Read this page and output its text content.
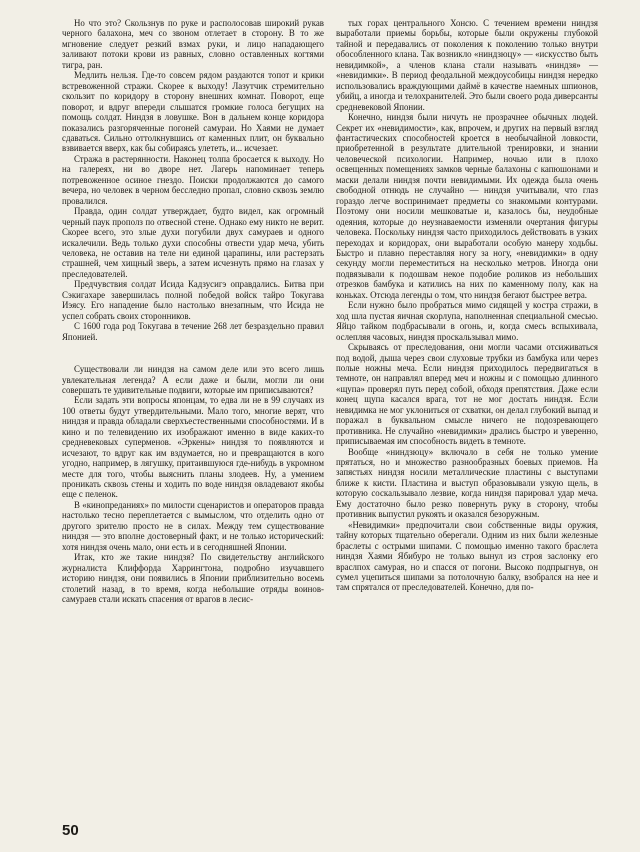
Но что это? Скользнув по руке и располосовав широкий рукав черного балахона, меч со звоном отлетает в сторону. В то же мгновение следует резкий взмах руки, и лицо нападающего заливают потоки крови из равных, словно оставленных когтями тигра, ран.

Медлить нельзя. Где-то совсем рядом раздаются топот и крики встревоженной стражи. Скорее к выходу! Лазутчик стремительно скользит по коридору в сторону внешних комнат. Поворот, еще поворот, и вдруг впереди слышатся громкие голоса бегущих на помощь солдат. Ниндзя в ловушке. Вон в дальнем конце коридора показались разгоряченные погоней самураи. Но Хаями не думает сдаваться. Сильно оттолкнувшись от каменных плит, он буквально взвивается вверх, как бы собираясь улететь, и... исчезает.

Стража в растерянности. Наконец толпа бросается к выходу. Но на галереях, ни во дворе нет. Лагерь напоминает теперь потревоженное осиное гнездо. Поиски продолжаются до самого вечера, но человек в черном бесследно пропал, словно сквозь землю провалился.

Правда, один солдат утверждает, будто видел, как огромный черный паук прополз по отвесной стене. Однако ему никто не верит. Скорее всего, это злые духи погубили двух самураев и одного искалечили. Ведь только духи способны отвести удар меча, убить человека, не оставив на теле ни единой царапины, или растерзать страшней, чем хищный зверь, а затем исчезнуть прямо на глазах у преследователей.

Предчувствия солдат Исида Кадзусигэ оправдались. Битва при Сэкигахаре завершилась полной победой войск тайро Токугава Иэясу. Его нападение было настолько внезапным, что Исида не успел собрать своих сторонников.

С 1600 года род Токугава в течение 268 лет безраздельно правил Японией.

Существовали ли ниндзя на самом деле или это всего лишь увлекательная легенда? А если даже и были, могли ли они совершать те удивительные подвиги, которые им приписываются?

Если задать эти вопросы японцам, то едва ли не в 99 случаях из 100 ответы будут утвердительными. Мало того, многие верят, что ниндзя и правда обладали сверхъестественными способностями. И в кино и по телевидению их изображают именно в виде каких-то средневековых суперменов. «Эркены» ниндзя то появляются и исчезают, то вдруг как им вздумается, но и превращаются в кого угодно, например, в лягушку, притаившуюся где-нибудь в укромном месте для того, чтобы выяснить планы злодеев. Ну, а умением проникать сквозь стены и ходить по воде ниндзя овладевают якобы еще с пеленок.

В «кинопреданиях» по милости сценаристов и операторов правда настолько тесно переплетается с вымыслом, что отделить одно от другого зрителю просто не в силах. Между тем существование ниндзя — это вполне достоверный факт, и не только исторический: хотя ниндзя очень мало, они есть и в сегодняшней Японии.

Итак, кто же такие ниндзя? По свидетельству английского журналиста Клиффорда Харрингтона, подробно изучавшего историю ниндзя, они появились в Японии приблизительно восемь столетий назад, в то время, когда небольшие отряды воинов-самураев стали искать спасения от врагов в лесис-

тых горах центрального Хонсю. С течением времени ниндзя выработали приемы борьбы, которые были окружены глубокой тайной и передавались от поколения к поколению только внутри обособленного клана. Так возникло «ниндзюцу» — «искусство быть невидимкой», а членов клана стали называть «ниндзя» — «невидимки». В период феодальной междоусобицы ниндзя нередко использовались враждующими даймё в качестве наемных шпионов, убийц, а иногда и телохранителей. Это были своего рода диверсанты средневековой Японии.

Конечно, ниндзя были ничуть не прозрачнее обычных людей. Секрет их «невидимости», как, впрочем, и других на первый взгляд фантастических способностей кроется в необычайной ловкости, приобретенной в результате длительной тренировки, и знании человеческой психологии. Например, ночью или в плохо освещенных помещениях замков черные балахоны с капюшонами и маски делали ниндзя почти невидимыми. Их одежда была очень свободной отнюдь не случайно — ниндзя учитывали, что глаз гораздо легче воспринимает предметы со знакомыми контурами. Поэтому они носили мешковатые и, казалось бы, неудобные одеяния, которые до неузнаваемости изменяли очертания фигуры человека. Поскольку ниндзя часто приходилось действовать в узких переходах и коридорах, они выработали особую манеру ходьбы. Быстро и плавно переставляя ногу за ногу, «невидимки» в одну секунду могли переместиться на несколько метров. Иногда они подвязывали к подошвам некое подобие роликов из небольших отрезков бамбука и катились на них по каменному полу, как на коньках. Отсюда легенды о том, что ниндзя бегают быстрее ветра.

Если нужно было пробраться мимо сидящей у костра стражи, в ход шла пустая яичная скорлупа, наполненная специальной смесью. Яйцо тайком подбрасывали в огонь, и, когда смесь вспыхивала, ослепляя часовых, ниндзя проскальзывал мимо.

Скрываясь от преследования, они могли часами отсиживаться под водой, дыша через свои слуховые трубки из бамбука или через полые ножны меча. Если ниндзя приходилось передвигаться в темноте, он направлял вперед меч и ножны и с помощью длинного «щупа» проверял путь перед собой, обходя препятствия. Даже если конец щупа касался врага, тот не мог достать ниндзя. Если невидимка не мог уклониться от схватки, он делал глубокий выпад и поражал в буквальном смысле ничего не подозревающего противника. Не случайно «невидимки» дрались быстро и уверенно, приписываемая им способность видеть в темноте.

Вообще «ниндзюцу» включало в себя не только умение прятаться, но и множество разнообразных боевых приемов. На запястьях ниндзя носили металлические пластины с выступами ближе к кисти. Пластина и выступ образовывали узкую щель, в которую соскальзывало лезвие, когда ниндзя парировал удар меча. Ему достаточно было резко повернуть руку в сторону, чтобы противник выпустил рукоять и оказался безоружным.

«Невидимки» предпочитали свои собственные виды оружия, тайну которых тщательно оберегали. Одним из них были железные браслеты с острыми шипами. С помощью именно такого браслета ниндзя Хаями Ябибуро не только вынул из строя заслонку его враслпох самурая, но и спасся от погони. Высоко подпрыгнув, он сумел уцепиться шипами за потолочную балку, взобрался на нее и там спрятался от преследователей. Конечно, для по-

50
